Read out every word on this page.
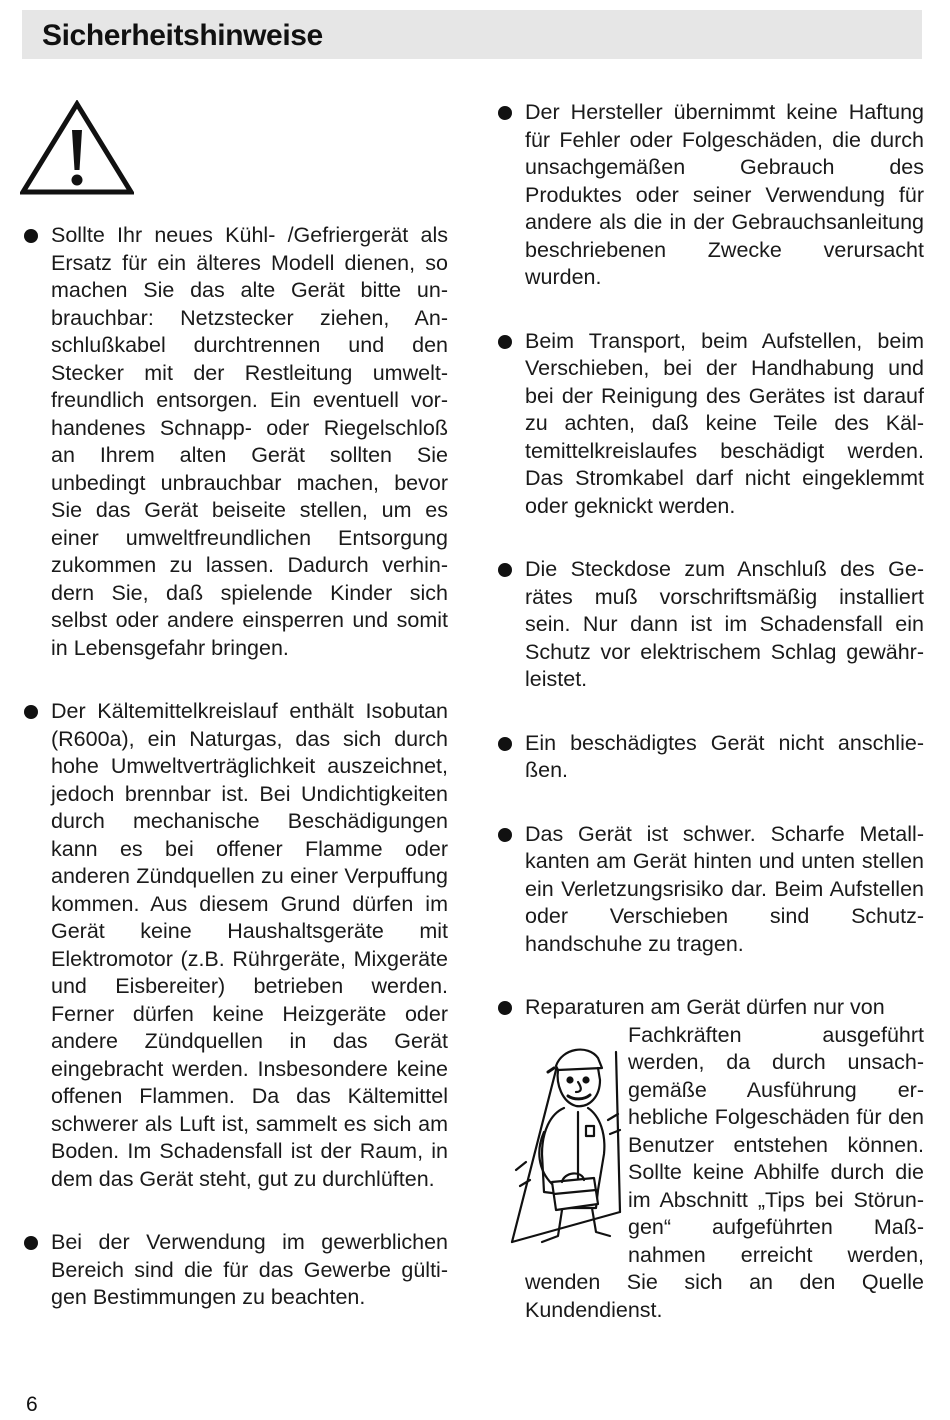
Sicherheitshinweise
Sollte Ihr neues Kühl- /Gefriergerät als Ersatz für ein älteres Modell dienen, so machen Sie das alte Gerät bitte unbrauchbar: Netzstecker ziehen, Anschlußkabel durchtrennen und den Stecker mit der Restleitung umweltfreundlich entsorgen. Ein eventuell vorhandenes Schnapp- oder Riegelschloß an Ihrem alten Gerät sollten Sie unbedingt unbrauchbar machen, bevor Sie das Gerät beiseite stellen, um es einer umweltfreundlichen Entsorgung zukommen zu lassen. Dadurch verhindern Sie, daß spielende Kinder sich selbst oder andere einsperren und somit in Lebensgefahr bringen.
Der Kältemittelkreislauf enthält Isobutan (R600a), ein Naturgas, das sich durch hohe Umweltverträglichkeit auszeichnet, jedoch brennbar ist. Bei Undichtigkeiten durch mechanische Beschädigungen kann es bei offener Flamme oder anderen Zündquellen zu einer Verpuffung kommen. Aus diesem Grund dürfen im Gerät keine Haushaltsgeräte mit Elektromotor (z.B. Rührgeräte, Mixgeräte und Eisbereiter) betrieben werden. Ferner dürfen keine Heizgeräte oder andere Zündquellen in das Gerät eingebracht werden. Insbesondere keine offenen Flammen. Da das Kältemittel schwerer als Luft ist, sammelt es sich am Boden. Im Schadensfall ist der Raum, in dem das Gerät steht, gut zu durchlüften.
Bei der Verwendung im gewerblichen Bereich sind die für das Gewerbe gültigen Bestimmungen zu beachten.
Der Hersteller übernimmt keine Haftung für Fehler oder Folgeschäden, die durch unsachgemäßen Gebrauch des Produktes oder seiner Verwendung für andere als die in der Gebrauchsanleitung beschriebenen Zwecke verursacht wurden.
Beim Transport, beim Aufstellen, beim Verschieben, bei der Handhabung und bei der Reinigung des Gerätes ist darauf zu achten, daß keine Teile des Kältemittelkreislaufes beschädigt werden. Das Stromkabel darf nicht eingeklemmt oder geknickt werden.
Die Steckdose zum Anschluß des Gerätes muß vorschriftsmäßig installiert sein. Nur dann ist im Schadensfall ein Schutz vor elektrischem Schlag gewährleistet.
Ein beschädigtes Gerät nicht anschließen.
Das Gerät ist schwer. Scharfe Metallkanten am Gerät hinten und unten stellen ein Verletzungsrisiko dar. Beim Aufstellen oder Verschieben sind Schutzhandschuhe zu tragen.
Reparaturen am Gerät dürfen nur von
Fachkräften ausgeführt werden, da durch unsachgemäße Ausführung erhebliche Folgeschäden für den Benutzer entstehen können. Sollte keine Abhilfe durch die im Abschnitt „Tips bei Störungen“ aufgeführten Maßnahmen erreicht werden, wenden Sie sich an den Quelle Kundendienst.
6
